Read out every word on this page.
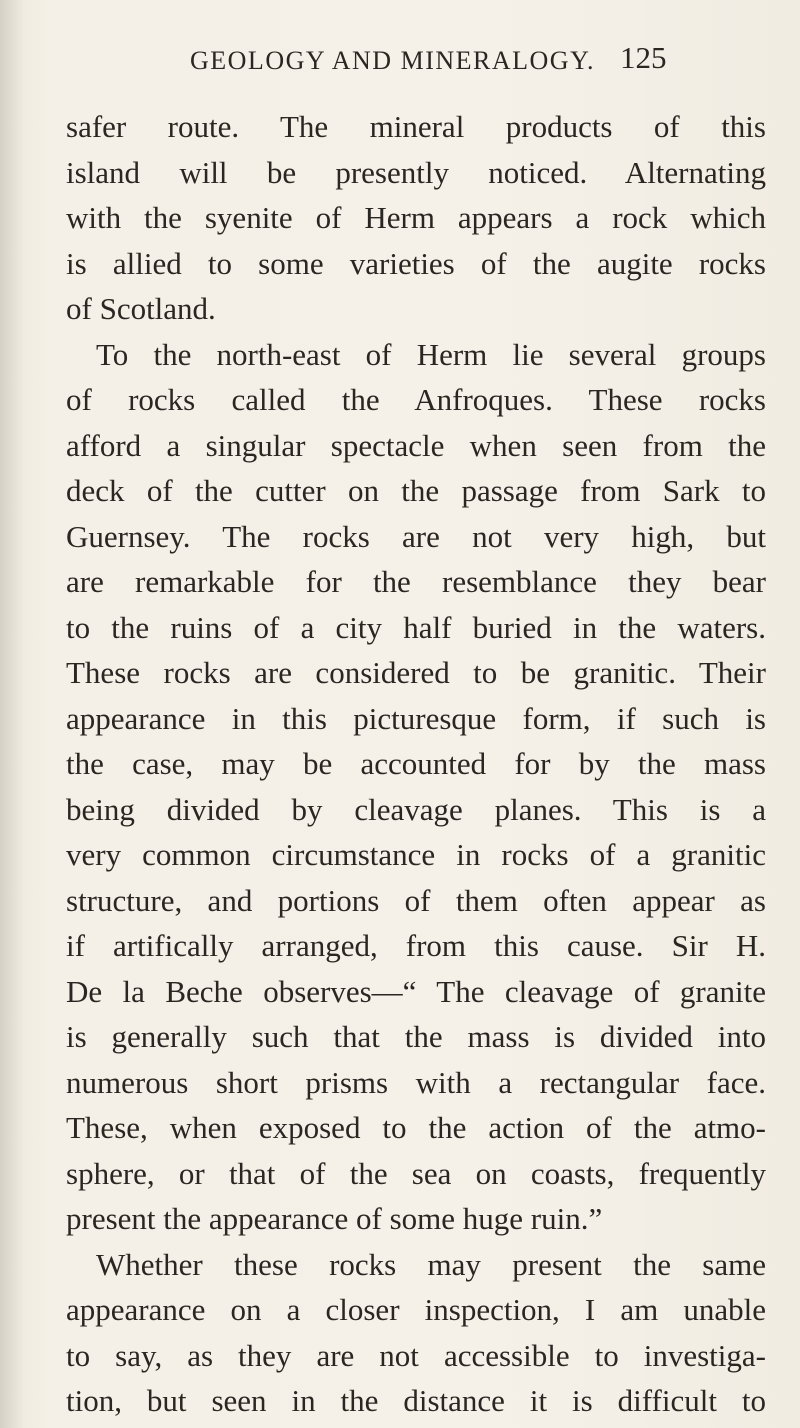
GEOLOGY AND MINERALOGY. 125
safer route. The mineral products of this
island will be presently noticed. Alternating
with the syenite of Herm appears a rock which
is allied to some varieties of the augite rocks
of Scotland.
To the north-east of Herm lie several groups
of rocks called the Anfroques. These rocks
afford a singular spectacle when seen from the
deck of the cutter on the passage from Sark to
Guernsey. The rocks are not very high, but
are remarkable for the resemblance they bear
to the ruins of a city half buried in the waters.
These rocks are considered to be granitic. Their
appearance in this picturesque form, if such is
the case, may be accounted for by the mass
being divided by cleavage planes. This is a
very common circumstance in rocks of a granitic
structure, and portions of them often appear as
if artifically arranged, from this cause. Sir H.
De la Beche observes—“ The cleavage of granite
is generally such that the mass is divided into
numerous short prisms with a rectangular face.
These, when exposed to the action of the atmo-
sphere, or that of the sea on coasts, frequently
present the appearance of some huge ruin.”
Whether these rocks may present the same
appearance on a closer inspection, I am unable
to say, as they are not accessible to investiga-
tion, but seen in the distance it is difficult to
